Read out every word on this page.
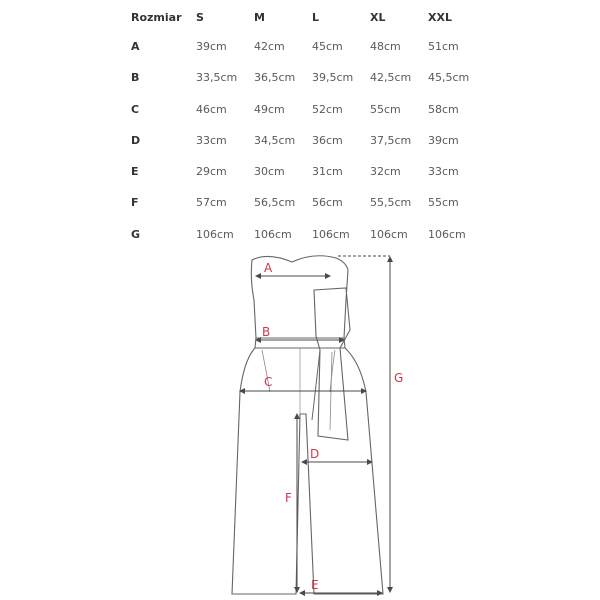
Rozmiar S	M	L	XL	XXL
A	39cm 42cm 45cm 48cm 51cm
B	33,5cm 36,5cm 39,5cm 42,5cm 45,5cm
C	46cm 49cm 52cm 55cm 58cm
D	33cm 34,5cm 36cm 37,5cm 39cm
E	29cm 30cm 31cm 32cm 33cm
F	57cm 56,5cm 56cm 55,5cm 55cm
G	106cm 106cm 106cm 106cm 106cm
A
B
C
D
F
E
G
